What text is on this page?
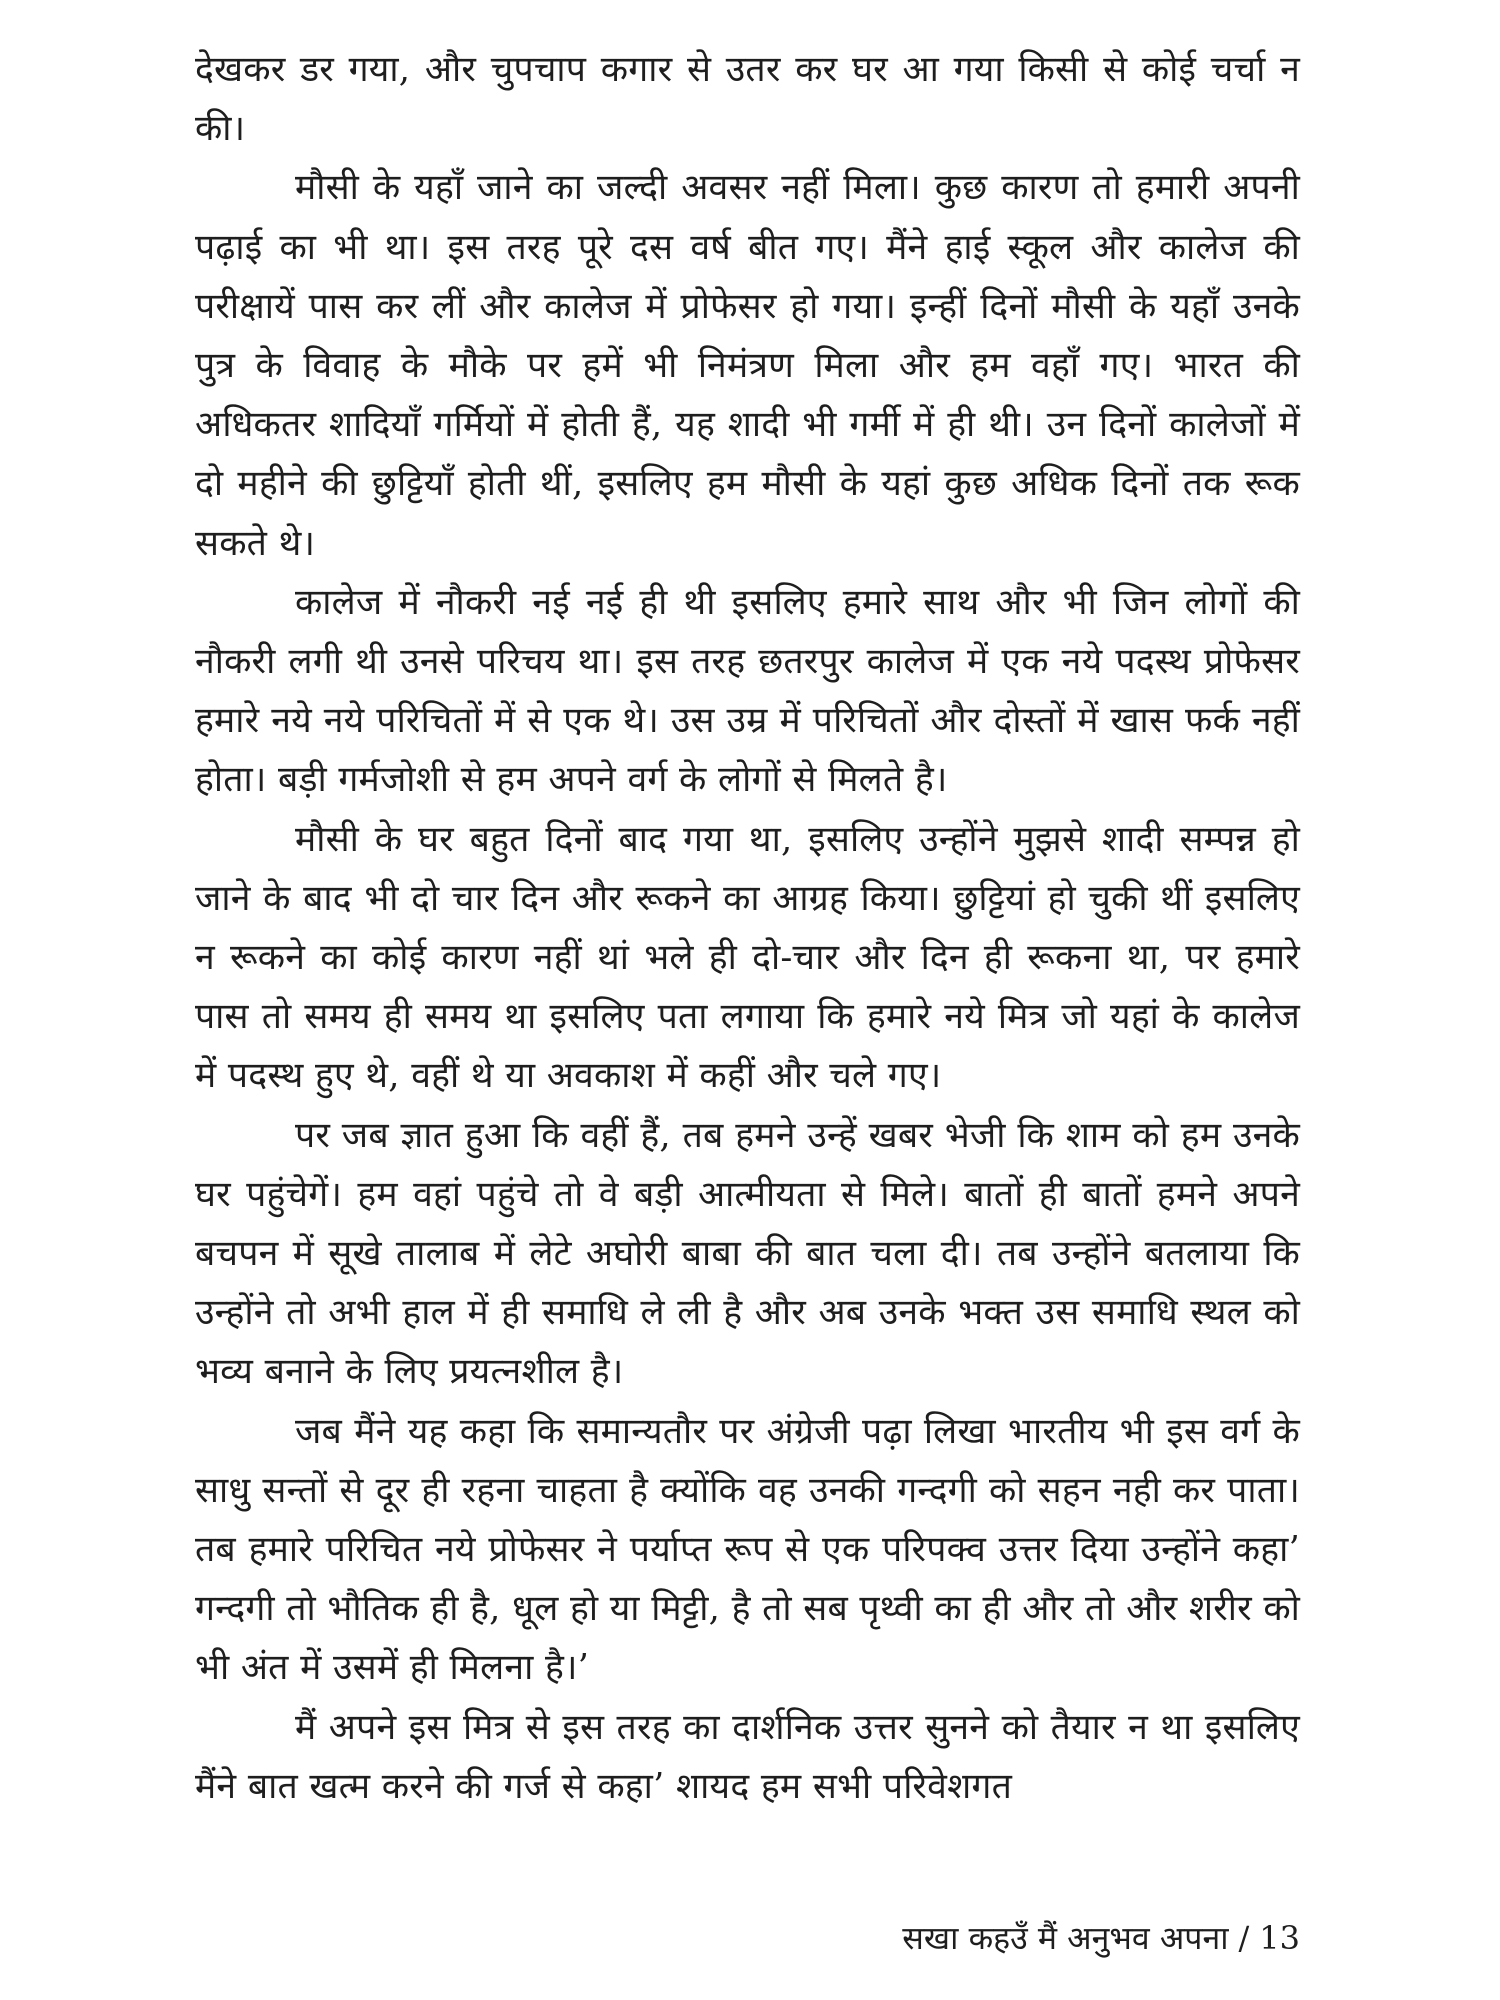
देखकर डर गया, और चुपचाप कगार से उतर कर घर आ गया किसी से कोई चर्चा न की।

मौसी के यहाँ जाने का जल्दी अवसर नहीं मिला। कुछ कारण तो हमारी अपनी पढ़ाई का भी था। इस तरह पूरे दस वर्ष बीत गए। मैंने हाई स्कूल और कालेज की परीक्षायें पास कर लीं और कालेज में प्रोफेसर हो गया। इन्हीं दिनों मौसी के यहाँ उनके पुत्र के विवाह के मौके पर हमें भी निमंत्रण मिला और हम वहाँ गए। भारत की अधिकतर शादियाँ गर्मियों में होती हैं, यह शादी भी गर्मी में ही थी। उन दिनों कालेजों में दो महीने की छुट्टियाँ होती थीं, इसलिए हम मौसी के यहां कुछ अधिक दिनों तक रूक सकते थे।

कालेज में नौकरी नई नई ही थी इसलिए हमारे साथ और भी जिन लोगों की नौकरी लगी थी उनसे परिचय था। इस तरह छतरपुर कालेज में एक नये पदस्थ प्रोफेसर हमारे नये नये परिचितों में से एक थे। उस उम्र में परिचितों और दोस्तों में खास फर्क नहीं होता। बड़ी गर्मजोशी से हम अपने वर्ग के लोगों से मिलते है।

मौसी के घर बहुत दिनों बाद गया था, इसलिए उन्होंने मुझसे शादी सम्पन्न हो जाने के बाद भी दो चार दिन और रूकने का आग्रह किया। छुट्टियां हो चुकी थीं इसलिए न रूकने का कोई कारण नहीं थां भले ही दो-चार और दिन ही रूकना था, पर हमारे पास तो समय ही समय था इसलिए पता लगाया कि हमारे नये मित्र जो यहां के कालेज में पदस्थ हुए थे, वहीं थे या अवकाश में कहीं और चले गए।

पर जब ज्ञात हुआ कि वहीं हैं, तब हमने उन्हें खबर भेजी कि शाम को हम उनके घर पहुंचेगें। हम वहां पहुंचे तो वे बड़ी आत्मीयता से मिले। बातों ही बातों हमने अपने बचपन में सूखे तालाब में लेटे अघोरी बाबा की बात चला दी। तब उन्होंने बतलाया कि उन्होंने तो अभी हाल में ही समाधि ले ली है और अब उनके भक्त उस समाधि स्थल को भव्य बनाने के लिए प्रयत्नशील है।

जब मैंने यह कहा कि समान्यतौर पर अंग्रेजी पढ़ा लिखा भारतीय भी इस वर्ग के साधु सन्तों से दूर ही रहना चाहता है क्योंकि वह उनकी गन्दगी को सहन नही कर पाता। तब हमारे परिचित नये प्रोफेसर ने पर्याप्त रूप से एक परिपक्व उत्तर दिया उन्होंने कहा’ गन्दगी तो भौतिक ही है, धूल हो या मिट्टी, है तो सब पृथ्वी का ही और तो और शरीर को भी अंत में उसमें ही मिलना है।’

मैं अपने इस मित्र से इस तरह का दार्शनिक उत्तर सुनने को तैयार न था इसलिए मैंने बात खत्म करने की गर्ज से कहा’ शायद हम सभी परिवेशगत

सखा कहउँ मैं अनुभव अपना / 13
